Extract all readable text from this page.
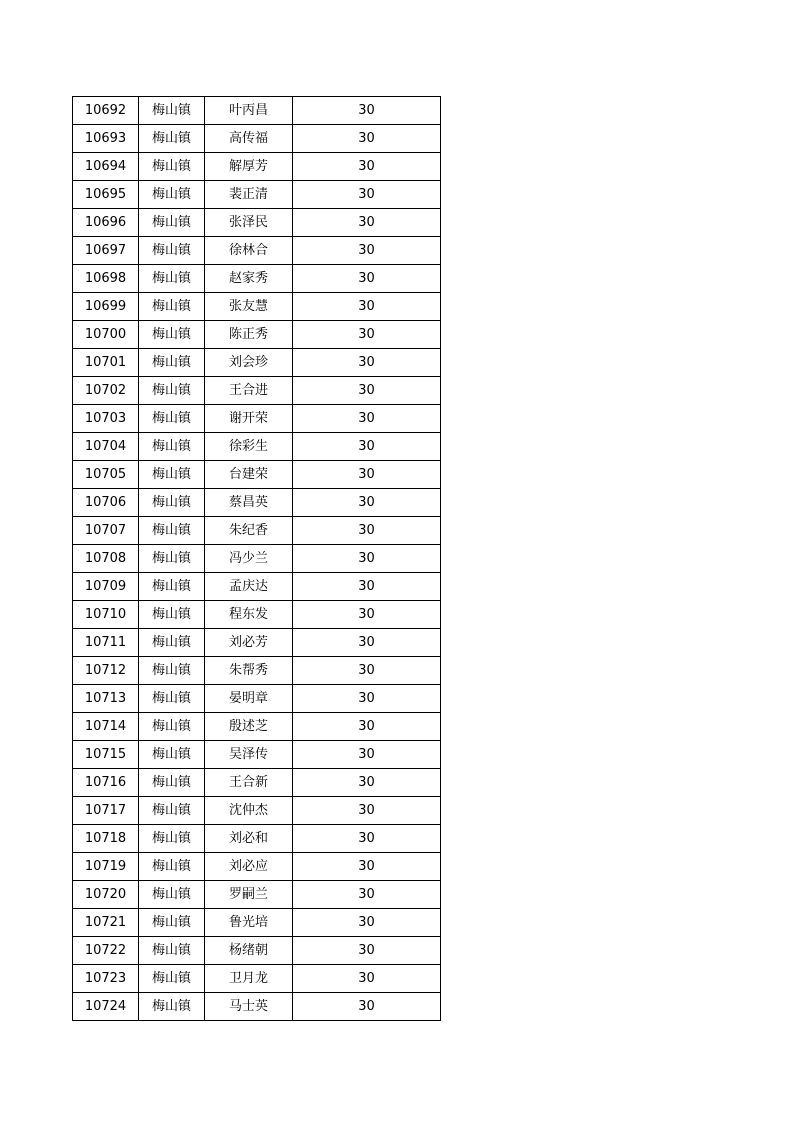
10692	梅山镇	叶丙昌	30
10693	梅山镇	高传福	30
10694	梅山镇	解厚芳	30
10695	梅山镇	裴正清	30
10696	梅山镇	张泽民	30
10697	梅山镇	徐林合	30
10698	梅山镇	赵家秀	30
10699	梅山镇	张友慧	30
10700	梅山镇	陈正秀	30
10701	梅山镇	刘会珍	30
10702	梅山镇	王合进	30
10703	梅山镇	谢开荣	30
10704	梅山镇	徐彩生	30
10705	梅山镇	台建荣	30
10706	梅山镇	蔡昌英	30
10707	梅山镇	朱纪香	30
10708	梅山镇	冯少兰	30
10709	梅山镇	孟庆达	30
10710	梅山镇	程东发	30
10711	梅山镇	刘必芳	30
10712	梅山镇	朱帮秀	30
10713	梅山镇	晏明章	30
10714	梅山镇	殷述芝	30
10715	梅山镇	吴泽传	30
10716	梅山镇	王合新	30
10717	梅山镇	沈仲杰	30
10718	梅山镇	刘必和	30
10719	梅山镇	刘必应	30
10720	梅山镇	罗嗣兰	30
10721	梅山镇	鲁光培	30
10722	梅山镇	杨绪朝	30
10723	梅山镇	卫月龙	30
10724	梅山镇	马士英	30
